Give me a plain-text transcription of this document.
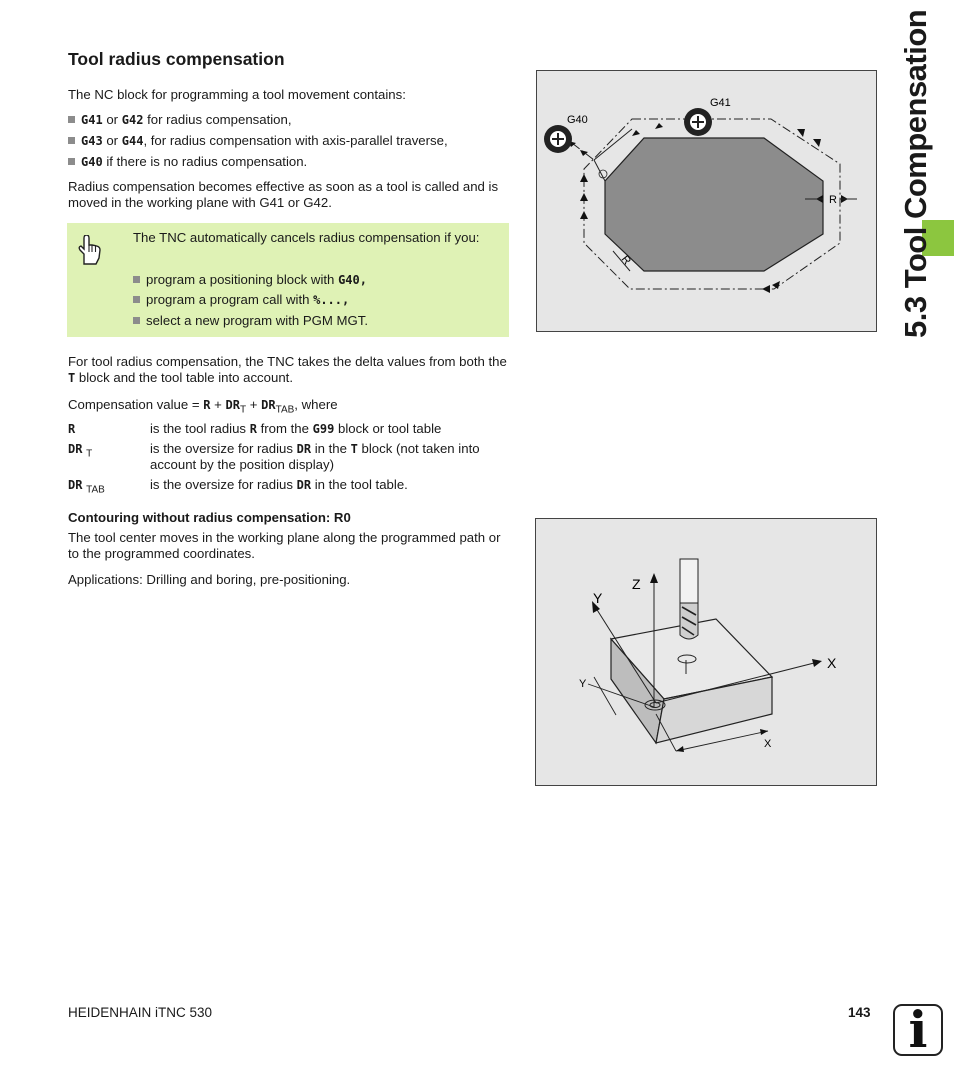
Tool radius compensation
The NC block for programming a tool movement contains:
G41 or G42 for radius compensation,
G43 or G44, for radius compensation with axis-parallel traverse,
G40 if there is no radius compensation.
Radius compensation becomes effective as soon as a tool is called and is moved in the working plane with G41 or G42.
The TNC automatically cancels radius compensation if you:
program a positioning block with G40,
program a program call with %...,
select a new program with PGM MGT.
For tool radius compensation, the TNC takes the delta values from both the T block and the tool table into account.
Compensation value = $R + DR_T + DR_{TAB}$, where
R	is the tool radius R from the G99 block or tool table
DR $_T$	is the oversize for radius DR in the T block (not taken into account by the position display)
DR $_{TAB}$	is the oversize for radius DR in the tool table.
Contouring without radius compensation: R0
The tool center moves in the working plane along the programmed path or to the programmed coordinates.
Applications: Drilling and boring, pre-positioning.
G40
G41
R
R
Z
Y
X
Y
X
5.3 Tool Compensation
HEIDENHAIN iTNC 530	143 i
